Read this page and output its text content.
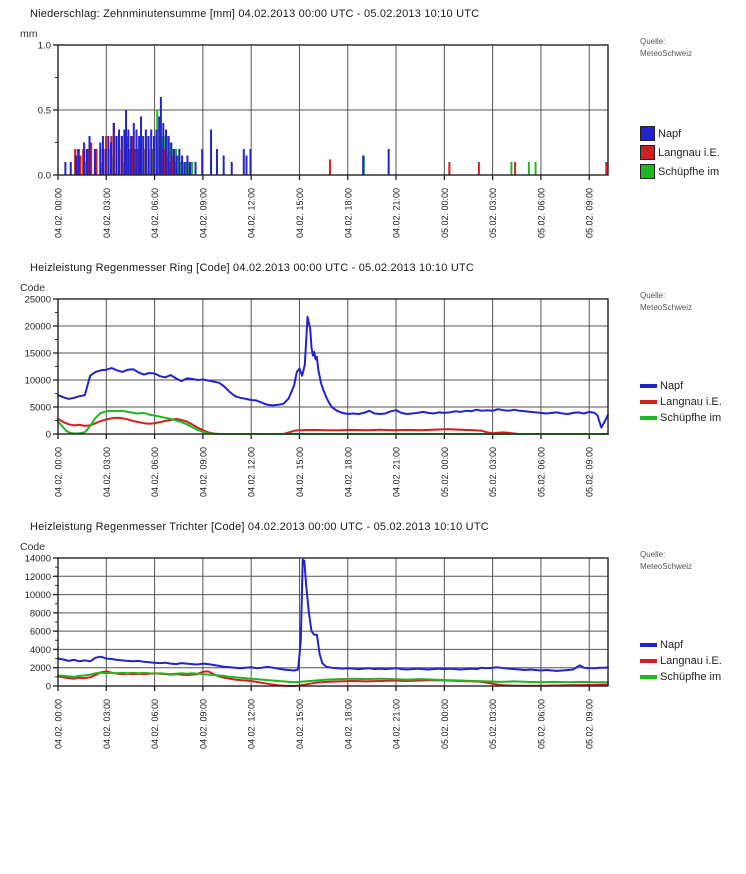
Niederschlag: Zehnminutensumme [mm] 04.02.2013 00:00 UTC - 05.02.2013 10:10 UTC
mm
0.0
0.5
1.0
04.02. 00:00	04.02. 03:00	04.02. 06:00	04.02. 09:00	04.02. 12:00	04.02. 15:00	04.02. 18:00	04.02. 21:00	05.02. 00:00	05.02. 03:00	05.02. 06:00	05.02. 09:00
Quelle:
MeteoSchweiz
Napf
Langnau i.E.
Schüpfhe im
Heizleistung Regenmesser Ring [Code] 04.02.2013 00:00 UTC - 05.02.2013 10:10 UTC
Code
0
5000
10000
15000
20000
25000
04.02. 00:00	04.02. 03:00	04.02. 06:00	04.02. 09:00	04.02. 12:00	04.02. 15:00	04.02. 18:00	04.02. 21:00	05.02. 00:00	05.02. 03:00	05.02. 06:00	05.02. 09:00
Quelle:
MeteoSchweiz
Napf
Langnau i.E.
Schüpfhe im
Heizleistung Regenmesser Trichter [Code] 04.02.2013 00:00 UTC - 05.02.2013 10:10 UTC
Code
0
2000
4000
6000
8000
10000
12000
14000
04.02. 00:00	04.02. 03:00	04.02. 06:00	04.02. 09:00	04.02. 12:00	04.02. 15:00	04.02. 18:00	04.02. 21:00	05.02. 00:00	05.02. 03:00	05.02. 06:00	05.02. 09:00
Quelle:
MeteoSchweiz
Napf
Langnau i.E.
Schüpfhe im
